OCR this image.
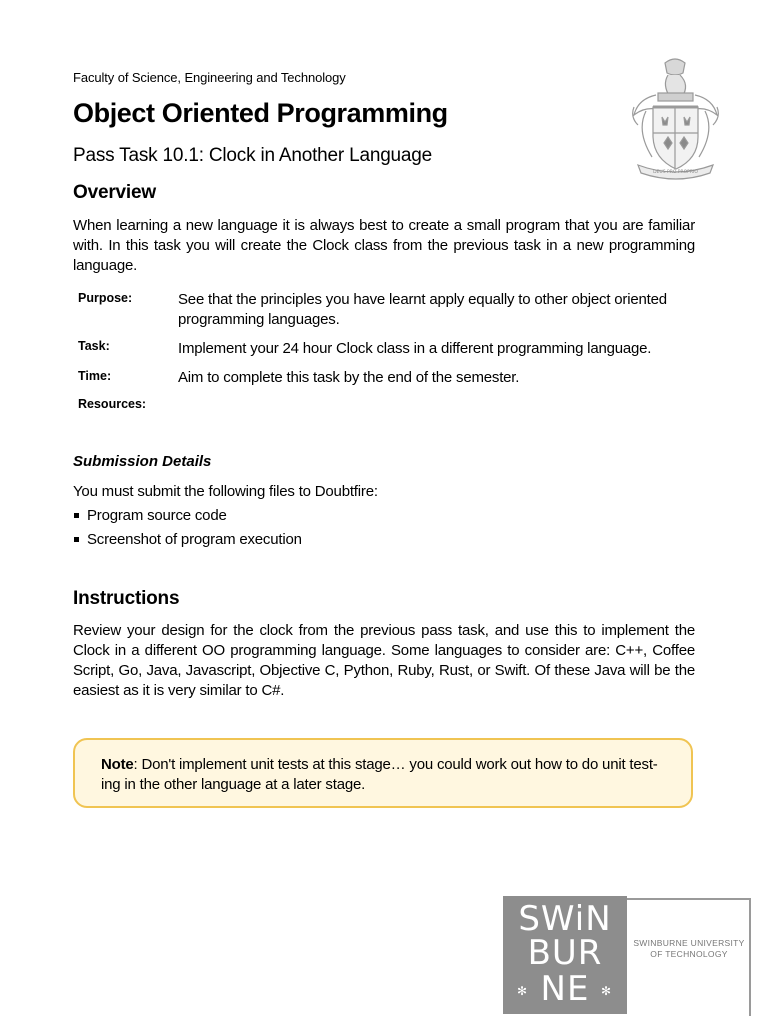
Faculty of Science, Engineering and Technology
Object Oriented Programming
Pass Task 10.1: Clock in Another Language
DEUS PRO PROPRIO
Overview
When learning a new language it is always best to create a small program that you are familiar with. In this task you will create the Clock class from the previous task in a new programming language.
Purpose:	See that the principles you have learnt apply equally to other object oriented programming languages.
Task:	Implement your 24 hour Clock class in a different programming language.
Time:	Aim to complete this task by the end of the semester.
Resources:
Submission Details
You must submit the following files to Doubtfire:
Program source code
Screenshot of program execution
Instructions
Review your design for the clock from the previous pass task, and use this to implement the Clock in a different OO programming language. Some languages to consider are: C++, Coffee Script, Go, Java, Javascript, Objective C, Python, Ruby, Rust, or Swift. Of these Java will be the easiest as it is very similar to C#.
Note: Don't implement unit tests at this stage… you could work out how to do unit test-ing in the other language at a later stage.
SWiN
BUR
NE
✻	✻
SWINBURNE UNIVERSITY
OF TECHNOLOGY
